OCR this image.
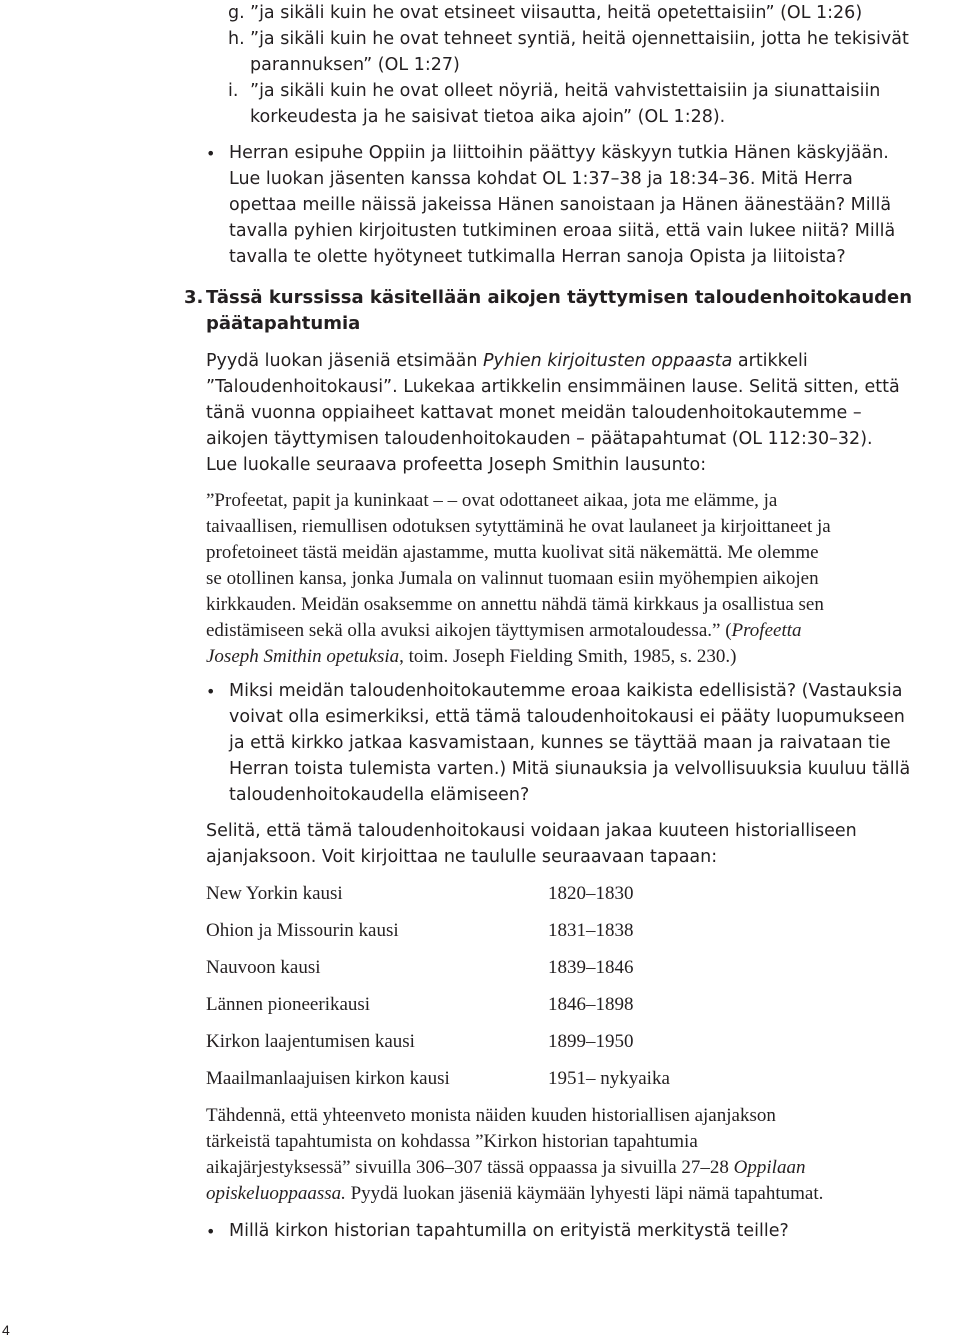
g. ”ja sikäli kuin he ovat etsineet viisautta, heitä opetettaisiin” (OL 1:26)
h. ”ja sikäli kuin he ovat tehneet syntiä, heitä ojennettaisiin, jotta he tekisivät
parannuksen” (OL 1:27)
i. ”ja sikäli kuin he ovat olleet nöyriä, heitä vahvistettaisiin ja siunattaisiin
korkeudesta ja he saisivat tietoa aika ajoin” (OL 1:28).
• Herran esipuhe Oppiin ja liittoihin päättyy käskyyn tutkia Hänen käskyjään.
Lue luokan jäsenten kanssa kohdat OL 1:37–38 ja 18:34–36. Mitä Herra
opettaa meille näissä jakeissa Hänen sanoistaan ja Hänen äänestään? Millä
tavalla pyhien kirjoitusten tutkiminen eroaa siitä, että vain lukee niitä? Millä
tavalla te olette hyötyneet tutkimalla Herran sanoja Opista ja liitoista?
3. Tässä kurssissa käsitellään aikojen täyttymisen taloudenhoitokauden
päätapahtumia
Pyydä luokan jäseniä etsimään Pyhien kirjoitusten oppaasta artikkeli
”Taloudenhoitokausi”. Lukekaa artikkelin ensimmäinen lause. Selitä sitten, että
tänä vuonna oppiaiheet kattavat monet meidän taloudenhoitokautemme –
aikojen täyttymisen taloudenhoitokauden – päätapahtumat (OL 112:30–32).
Lue luokalle seuraava profeetta Joseph Smithin lausunto:
”Profeetat, papit ja kuninkaat – – ovat odottaneet aikaa, jota me elämme, ja
taivaallisen, riemullisen odotuksen sytyttäminä he ovat laulaneet ja kirjoittaneet ja
profetoineet tästä meidän ajastamme, mutta kuolivat sitä näkemättä. Me olemme
se otollinen kansa, jonka Jumala on valinnut tuomaan esiin myöhempien aikojen
kirkkauden. Meidän osaksemme on annettu nähdä tämä kirkkaus ja osallistua sen
edistämiseen sekä olla avuksi aikojen täyttymisen armotaloudessa.” (Profeetta
Joseph Smithin opetuksia, toim. Joseph Fielding Smith, 1985, s. 230.)
• Miksi meidän taloudenhoitokautemme eroaa kaikista edellisistä? (Vastauksia
voivat olla esimerkiksi, että tämä taloudenhoitokausi ei pääty luopumukseen
ja että kirkko jatkaa kasvamistaan, kunnes se täyttää maan ja raivataan tie
Herran toista tulemista varten.) Mitä siunauksia ja velvollisuuksia kuuluu tällä
taloudenhoitokaudella elämiseen?
Selitä, että tämä taloudenhoitokausi voidaan jakaa kuuteen historialliseen
ajanjaksoon. Voit kirjoittaa ne taululle seuraavaan tapaan:
New Yorkin kausi	1820–1830
Ohion ja Missourin kausi	1831–1838
Nauvoon kausi	1839–1846
Lännen pioneerikausi	1846–1898
Kirkon laajentumisen kausi	1899–1950
Maailmanlaajuisen kirkon kausi	1951– nykyaika
Tähdennä, että yhteenveto monista näiden kuuden historiallisen ajanjakson
tärkeistä tapahtumista on kohdassa ”Kirkon historian tapahtumia
aikajärjestyksessä” sivuilla 306–307 tässä oppaassa ja sivuilla 27–28 Oppilaan
opiskeluoppaassa. Pyydä luokan jäseniä käymään lyhyesti läpi nämä tapahtumat.
• Millä kirkon historian tapahtumilla on erityistä merkitystä teille?
4
